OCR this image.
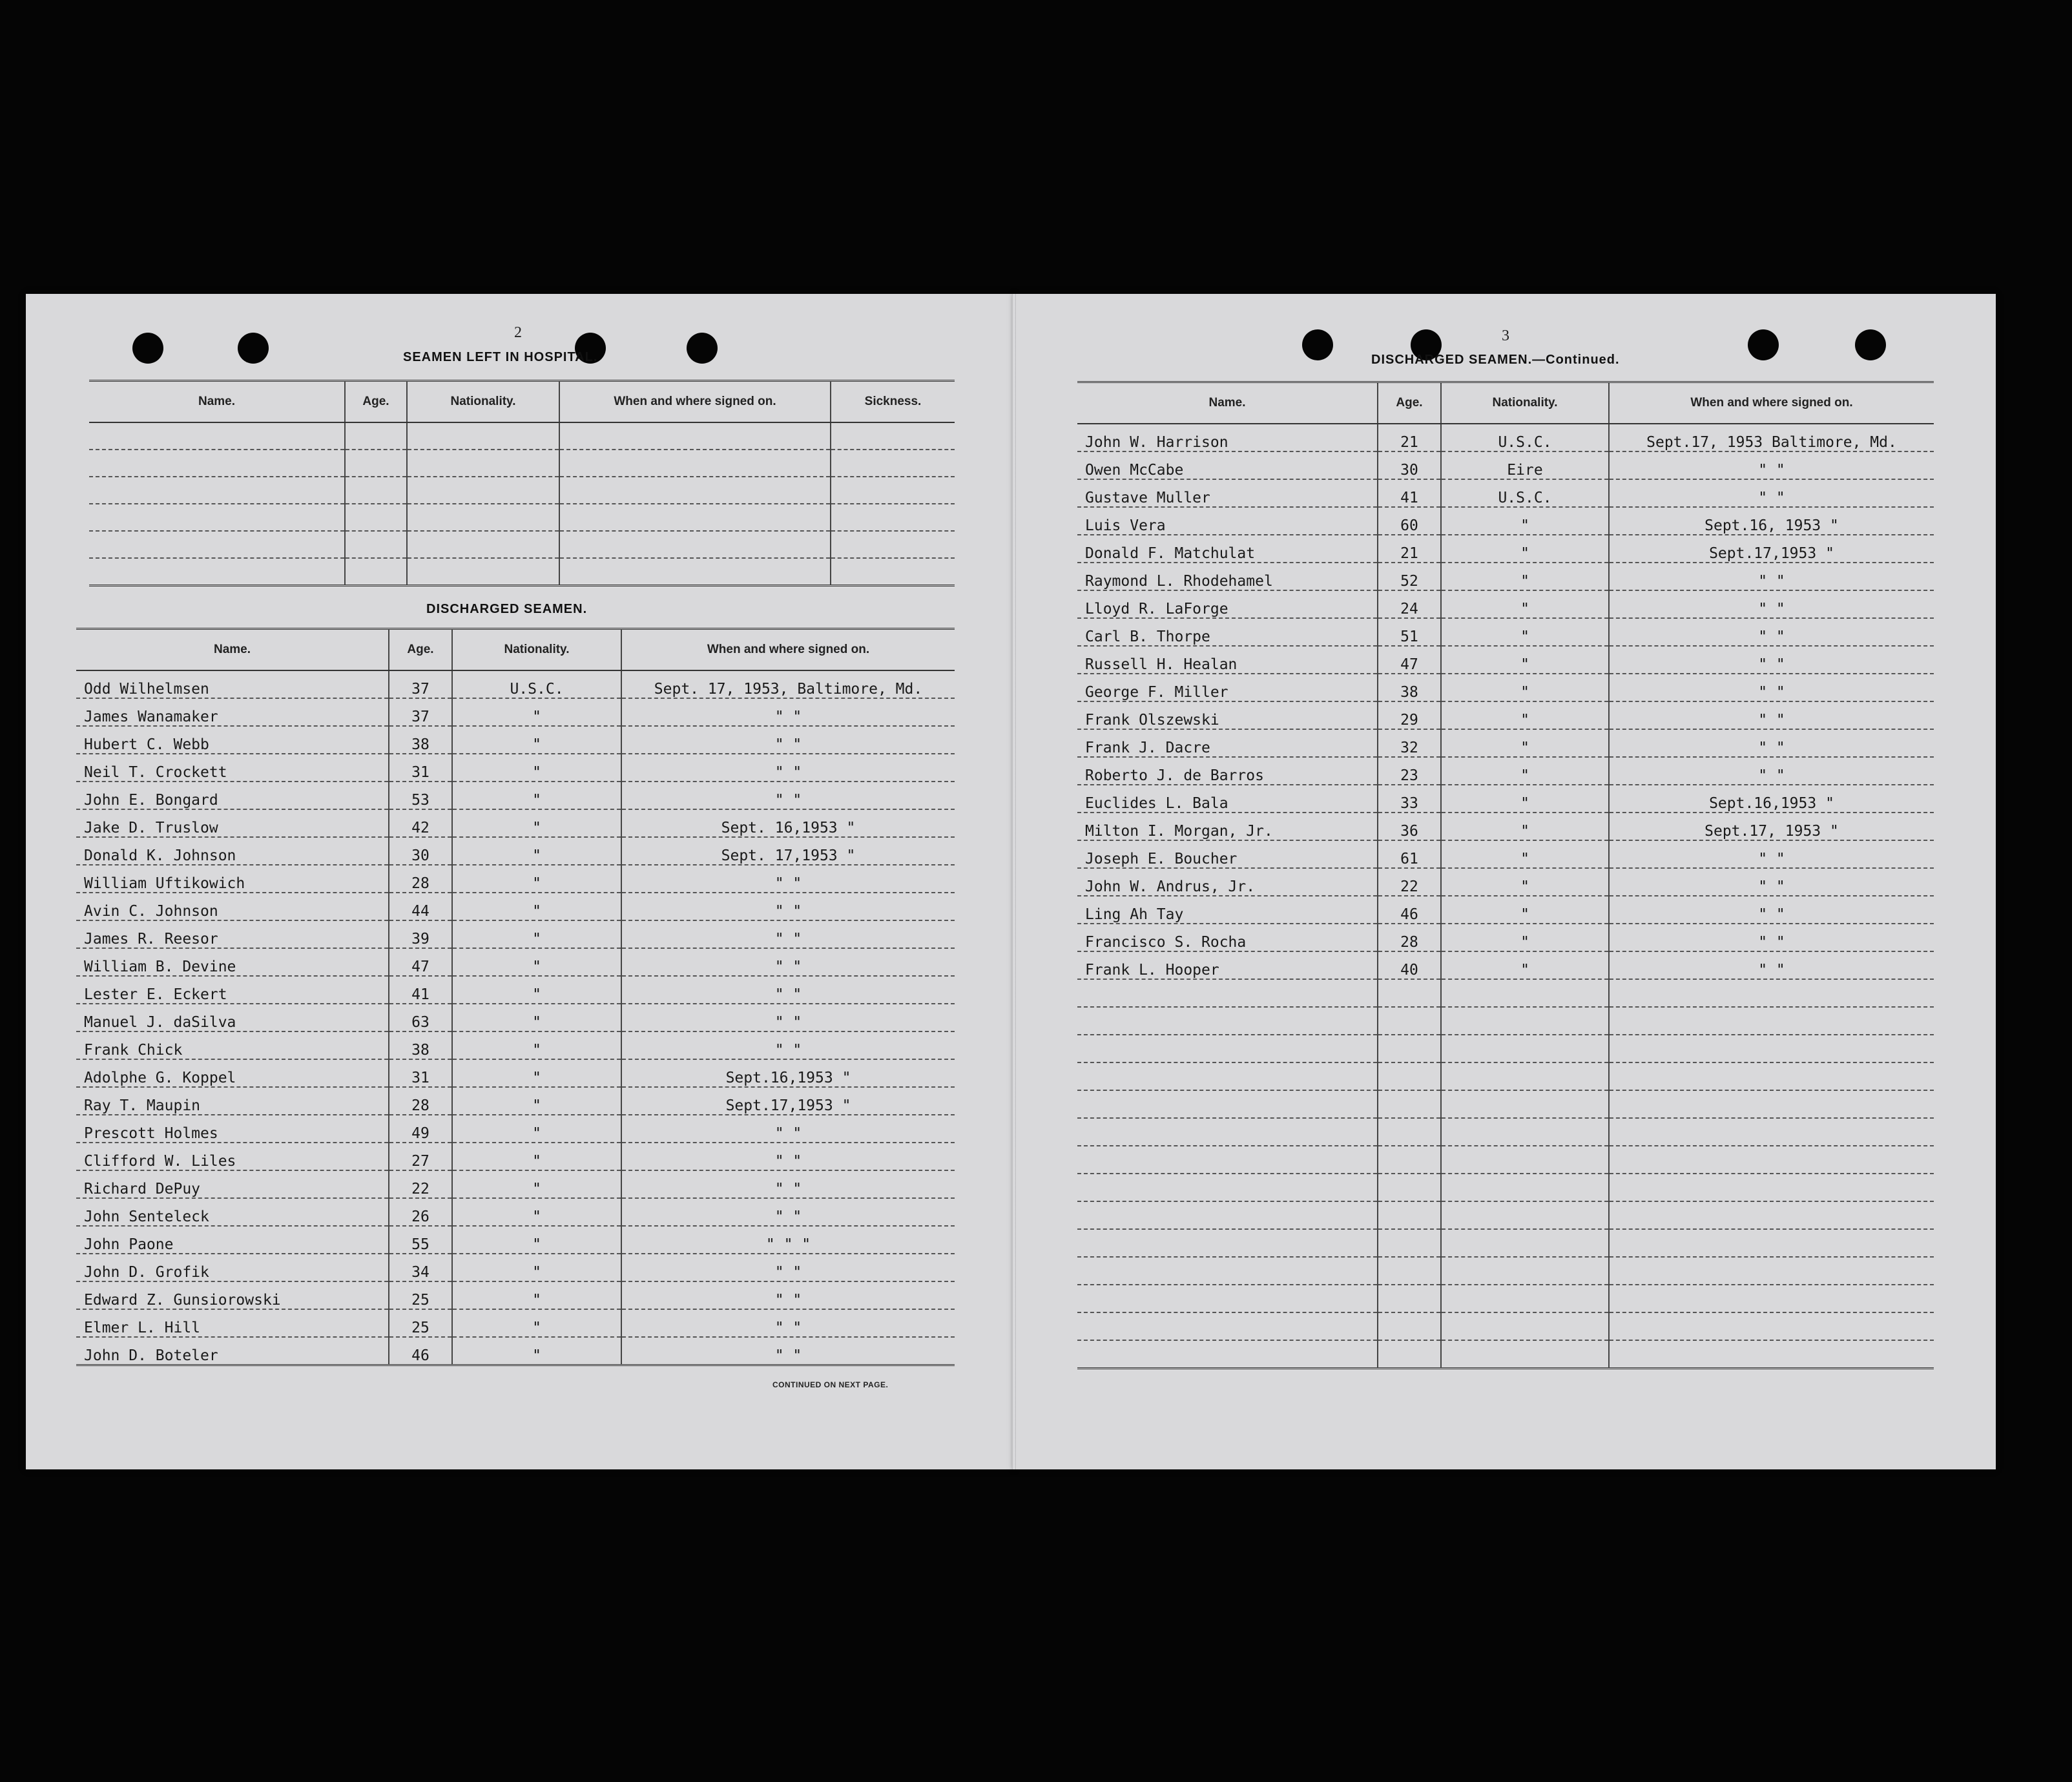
2
SEAMEN LEFT IN HOSPITAL.
Name.	Age.	Nationality.	When and where signed on.	Sickness.

DISCHARGED SEAMEN.
Name.	Age.	Nationality.	When and where signed on.
Odd Wilhelmsen	37	U.S.C.	Sept. 17, 1953, Baltimore, Md.
James Wanamaker	37	"	" "
Hubert C. Webb	38	"	" "
Neil T. Crockett	31	"	" "
John E. Bongard	53	"	" "
Jake D. Truslow	42	"	Sept. 16,1953 "
Donald K. Johnson	30	"	Sept. 17,1953 "
William Uftikowich	28	"	" "
Avin C. Johnson	44	"	" "
James R. Reesor	39	"	" "
William B. Devine	47	"	" "
Lester E. Eckert	41	"	" "
Manuel J. daSilva	63	"	" "
Frank Chick	38	"	" "
Adolphe G. Koppel	31	"	Sept.16,1953 "
Ray T. Maupin	28	"	Sept.17,1953 "
Prescott Holmes	49	"	" "
Clifford W. Liles	27	"	" "
Richard DePuy	22	"	" "
John Senteleck	26	"	" "
John Paone	55	"	" " "
John D. Grofik	34	"	" "
Edward Z. Gunsiorowski	25	"	" "
Elmer L. Hill	25	"	" "
John D. Boteler	46	"	" "
CONTINUED ON NEXT PAGE.
3
DISCHARGED SEAMEN.—Continued.
Name.	Age.	Nationality.	When and where signed on.
John W. Harrison	21	U.S.C.	Sept.17, 1953 Baltimore, Md.
Owen McCabe	30	Eire	" "
Gustave Muller	41	U.S.C.	" "
Luis Vera	60	"	Sept.16, 1953 "
Donald F. Matchulat	21	"	Sept.17,1953 "
Raymond L. Rhodehamel	52	"	" "
Lloyd R. LaForge	24	"	" "
Carl B. Thorpe	51	"	" "
Russell H. Healan	47	"	" "
George F. Miller	38	"	" "
Frank Olszewski	29	"	" "
Frank J. Dacre	32	"	" "
Roberto J. de Barros	23	"	" "
Euclides L. Bala	33	"	Sept.16,1953 "
Milton I. Morgan, Jr.	36	"	Sept.17, 1953 "
Joseph E. Boucher	61	"	" "
John W. Andrus, Jr.	22	"	" "
Ling Ah Tay	46	"	" "
Francisco S. Rocha	28	"	" "
Frank L. Hooper	40	"	" "
